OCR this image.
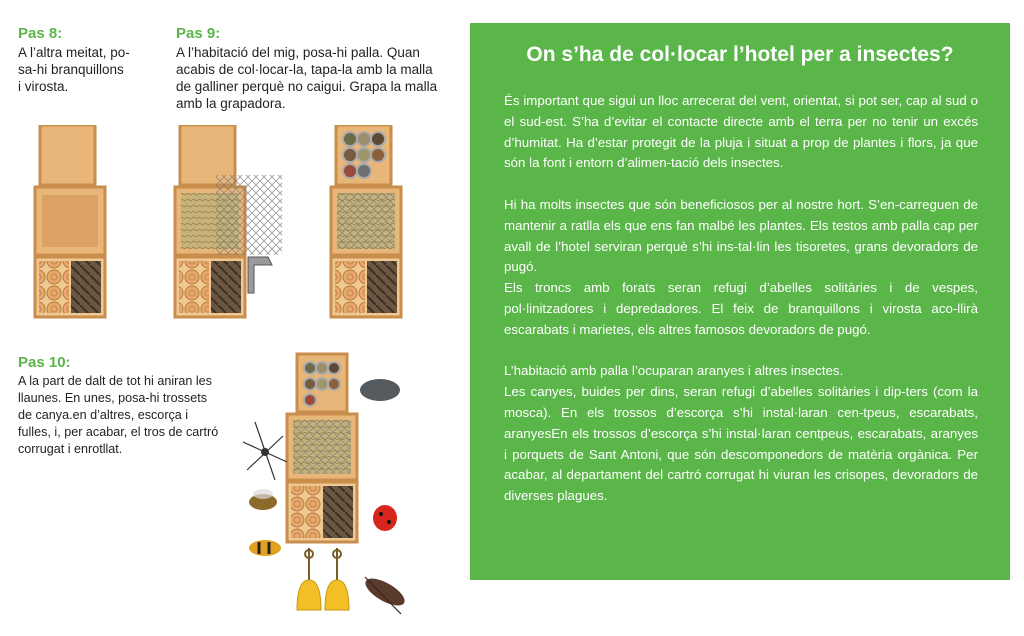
Pas 8:
A l’altra meitat, po-
sa-hi branquillons
i virosta.
Pas 9:
A l’habitació del mig, posa-hi palla. Quan
acabis de col·locar-la, tapa-la amb la malla
de galliner perquè no caigui. Grapa la malla
amb la grapadora.
Pas 10:
A la part de dalt de tot hi aniran les
llaunes. En unes, posa-hi trossets
de canya.en d’altres, escorça i
fulles, i, per acabar, el tros de cartró
corrugat i enrotllat.
On s’ha de col·locar l’hotel per a insectes?

És important que sigui un lloc arrecerat del vent, orientat, si pot ser, cap al sud o el sud-est. S’ha d’evitar el contacte directe amb el terra per no tenir un excés d’humitat. Ha d’estar protegit de la pluja i situat a prop de plantes i flors, ja que són la font i entorn d’alimen-tació dels insectes.

Hi ha molts insectes que són beneficiosos per al nostre hort. S’en-carreguen de mantenir a ratlla els que ens fan malbé les plantes. Els testos amb palla cap per avall de l’hotel serviran perquè s’hi ins-tal·lin les tisoretes, grans devoradors de pugó.

Els troncs amb forats seran refugi d’abelles solitàries i de vespes, pol·linitzadores i depredadores. El feix de branquillons i virosta aco-llirà escarabats i marietes, els altres famosos devoradors de pugó.

L’habitació amb palla l’ocuparan aranyes i altres insectes.

Les canyes, buides per dins, seran refugi d’abelles solitàries i dip-ters (com la mosca). En els trossos d’escorça s’hi instal·laran cen-tpeus, escarabats, aranyesEn els trossos d’escorça s’hi instal·laran centpeus, escarabats, aranyes i porquets de Sant Antoni, que són descomponedors de matèria orgànica. Per acabar, al departament del cartró corrugat hi viuran les crisopes, devoradors de diverses plagues.
